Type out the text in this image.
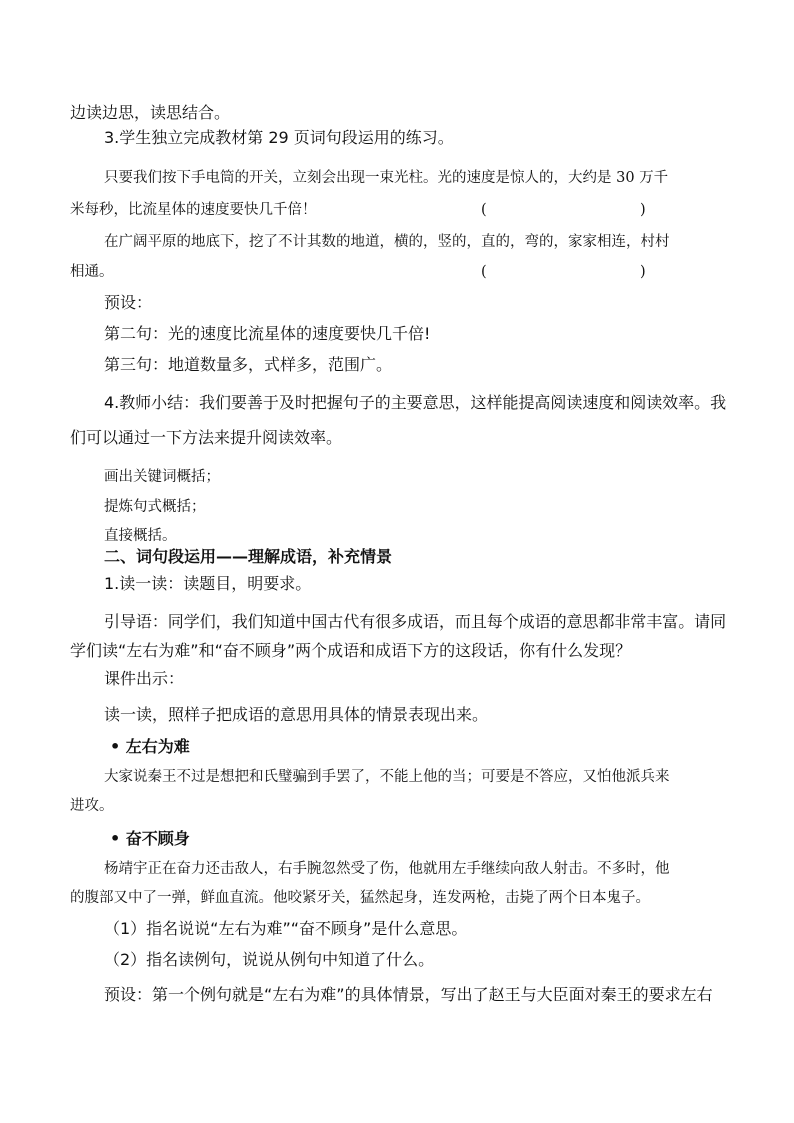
边读边思，读思结合。
3.学生独立完成教材第 29 页词句段运用的练习。
只要我们按下手电筒的开关，立刻会出现一束光柱。光的速度是惊人的，大约是 30 万千
米每秒，比流星体的速度要快几千倍！	(	)
在广阔平原的地底下，挖了不计其数的地道，横的，竖的，直的，弯的，家家相连，村村
相通。	(	)
预设：
第二句：光的速度比流星体的速度要快几千倍!
第三句：地道数量多，式样多，范围广。
4.教师小结：我们要善于及时把握句子的主要意思，这样能提高阅读速度和阅读效率。我
们可以通过一下方法来提升阅读效率。
画出关键词概括；
提炼句式概括；
直接概括。
二、词句段运用——理解成语，补充情景
1.读一读：读题目，明要求。
引导语：同学们，我们知道中国古代有很多成语，而且每个成语的意思都非常丰富。请同
学们读“左右为难”和“奋不顾身”两个成语和成语下方的这段话，你有什么发现？
课件出示：
读一读，照样子把成语的意思用具体的情景表现出来。
• 左右为难
大家说秦王不过是想把和氏璧骗到手罢了，不能上他的当；可要是不答应，又怕他派兵来
进攻。
• 奋不顾身
杨靖宇正在奋力还击敌人，右手腕忽然受了伤，他就用左手继续向敌人射击。不多时，他
的腹部又中了一弹，鲜血直流。他咬紧牙关，猛然起身，连发两枪，击毙了两个日本鬼子。
（1）指名说说“左右为难”“奋不顾身”是什么意思。
（2）指名读例句，说说从例句中知道了什么。
预设：第一个例句就是“左右为难”的具体情景，写出了赵王与大臣面对秦王的要求左右
